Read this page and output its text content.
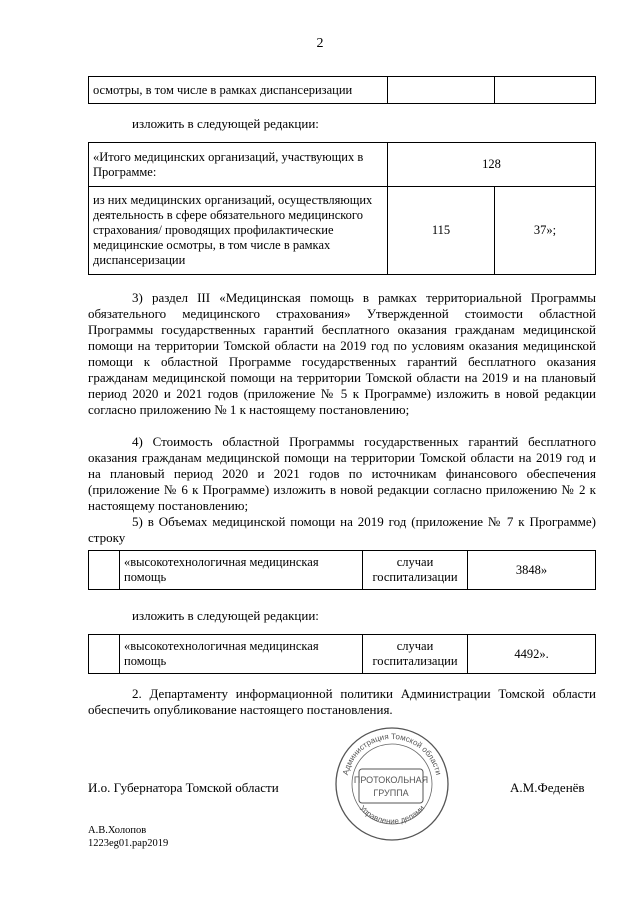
2
осмотры, в том числе в рамках диспансеризации		
изложить в следующей редакции:
«Итого медицинских организаций, участвующих в Программе:	128	
из них медицинских организаций, осуществляющих деятельность в сфере обязательного медицинского страхования/ проводящих профилактические медицинские осмотры, в том числе в рамках диспансеризации	115	37»;
3) раздел III «Медицинская помощь в рамках территориальной Программы обязательного медицинского страхования» Утвержденной стоимости областной Программы государственных гарантий бесплатного оказания гражданам медицинской помощи на территории Томской области на 2019 год по условиям оказания медицинской помощи к областной Программе государственных гарантий бесплатного оказания гражданам медицинской помощи на территории Томской области на 2019 и на плановый период 2020 и 2021 годов (приложение № 5 к Программе) изложить в новой редакции согласно приложению № 1 к настоящему постановлению;
4) Стоимость областной Программы государственных гарантий бесплатного оказания гражданам медицинской помощи на территории Томской области на 2019 год и на плановый период 2020 и 2021 годов по источникам финансового обеспечения (приложение № 6 к Программе) изложить в новой редакции согласно приложению № 2 к настоящему постановлению;
5) в Объемах медицинской помощи на 2019 год (приложение № 7 к Программе) строку
	«высокотехнологичная медицинская помощь	случаи госпитализации	3848»
изложить в следующей редакции:
	«высокотехнологичная медицинская помощь	случаи госпитализации	4492».
2. Департаменту информационной политики Администрации Томской области обеспечить опубликование настоящего постановления.
И.о. Губернатора Томской области	А.М.Феденёв
Администрация Томской области
Управление делами
ПРОТОКОЛЬНАЯ
ГРУППА
А.В.Холопов
1223eg01.pap2019
